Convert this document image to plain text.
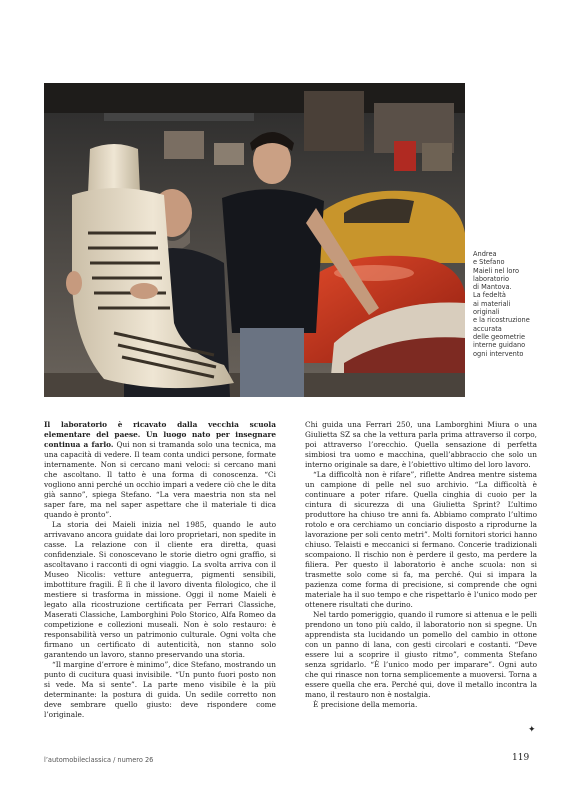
Andrea
e Stefano
Maieli nel loro
laboratorio
di Mantova.
La fedeltà
ai materiali
originali
e la ricostruzione
accurata
delle geometrie
interne guidano
ogni intervento

Il laboratorio è ricavato dalla vecchia scuola elementare del paese. Un luogo nato per insegnare continua a farlo. Qui non si tramanda solo una tecnica, ma una capacità di vedere. Il team conta undici persone, formate internamente. Non si cercano mani veloci: si cercano mani che ascoltano. Il tatto è una forma di conoscenza. “Ci vogliono anni perché un occhio impari a vedere ciò che le dita già sanno”, spiega Stefano. “La vera maestria non sta nel saper fare, ma nel saper aspettare che il materiale ti dica quando è pronto”.

La storia dei Maieli inizia nel 1985, quando le auto arrivavano ancora guidate dai loro proprietari, non spedite in casse. La relazione con il cliente era diretta, quasi confidenziale. Si conoscevano le storie dietro ogni graffio, si ascoltavano i racconti di ogni viaggio. La svolta arriva con il Museo Nicolis: vetture anteguerra, pigmenti sensibili, imbottiture fragili. È lì che il lavoro diventa filologico, che il mestiere si trasforma in missione. Oggi il nome Maieli è legato alla ricostruzione certificata per Ferrari Classiche, Maserati Classiche, Lamborghini Polo Storico, Alfa Romeo da competizione e collezioni museali. Non è solo restauro: è responsabilità verso un patrimonio culturale. Ogni volta che firmano un certificato di autenticità, non stanno solo garantendo un lavoro, stanno preservando una storia.

“Il margine d’errore è minimo”, dice Stefano, mostrando un punto di cucitura quasi invisibile. “Un punto fuori posto non si vede. Ma si sente”. La parte meno visibile è la più determinante: la postura di guida. Un sedile corretto non deve sembrare quello giusto: deve rispondere come l’originale.

Chi guida una Ferrari 250, una Lamborghini Miura o una Giulietta SZ sa che la vettura parla prima attraverso il corpo, poi attraverso l’orecchio. Quella sensazione di perfetta simbiosi tra uomo e macchina, quell’abbraccio che solo un interno originale sa dare, è l’obiettivo ultimo del loro lavoro.

“La difficoltà non è rifare”, riflette Andrea mentre sistema un campione di pelle nel suo archivio. “La difficoltà è continuare a poter rifare. Quella cinghia di cuoio per la cintura di sicurezza di una Giulietta Sprint? L’ultimo produttore ha chiuso tre anni fa. Abbiamo comprato l’ultimo rotolo e ora cerchiamo un conciario disposto a riprodurne la lavorazione per soli cento metri”. Molti fornitori storici hanno chiuso. Telaisti e meccanici si fermano. Concerie tradizionali scompaiono. Il rischio non è perdere il gesto, ma perdere la filiera. Per questo il laboratorio è anche scuola: non si trasmette solo come si fa, ma perché. Qui si impara la pazienza come forma di precisione, si comprende che ogni materiale ha il suo tempo e che rispettarlo è l’unico modo per ottenere risultati che durino.

Nel tardo pomeriggio, quando il rumore si attenua e le pelli prendono un tono più caldo, il laboratorio non si spegne. Un apprendista sta lucidando un pomello del cambio in ottone con un panno di lana, con gesti circolari e costanti. “Deve essere lui a scoprire il giusto ritmo”, commenta Stefano senza sgridarlo. “È l’unico modo per imparare”. Ogni auto che qui rinasce non torna semplicemente a muoversi. Torna a essere quella che era. Perché qui, dove il metallo incontra la mano, il restauro non è nostalgia.

È precisione della memoria.

✦
l’automobileclassica / numero 26	119
